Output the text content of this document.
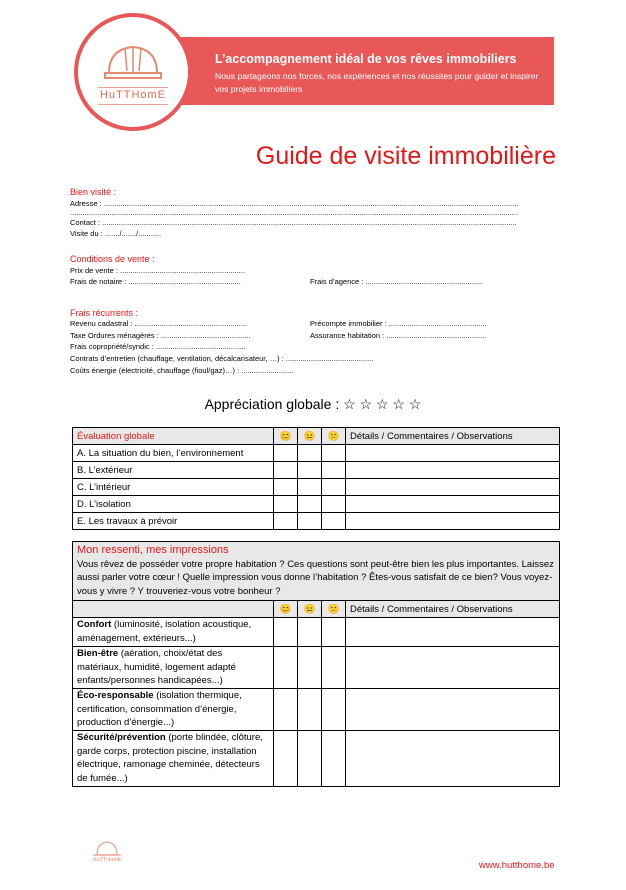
HuTTHomE
L’accompagnement idéal de vos rêves immobiliers
Nous partageons nos forces, nos expériences et nos réussites pour guider et inspirer vos projets immobiliers
Guide de visite immobilière
Bien visité :
Adresse : .......................................................................................................................................................................................................
.......................................................................................................................................................................................................................
Contact : .......................................................................................................................................................................................................
Visite du : ......./......./...........
Conditions de vente :
Prix de vente : ............................................................
Frais de notaire : ......................................................	Frais d’agence : ........................................................
Frais récurrents :
Revenu cadastral : ......................................................	Précompte immobilier : ...............................................
Taxe Ordures ménagères : ...........................................	Assurance habitation : ................................................
Frais copropriété/syndic : ...........................................
Contrats d’entretien (chauffage, ventilation, décalcarisateur, …) : ..........................................
Coûts énergie (électricité, chauffage (fioul/gaz)…) : .........................
Appréciation globale : ☆ ☆ ☆ ☆ ☆
Évaluation globale	😊	😐	😕	Détails / Commentaires / Observations
A. La situation du bien, l’environnement				
B. L’extérieur				
C. L’intérieur				
D. L’isolation				
E. Les travaux à prévoir				
Mon ressenti, mes impressions
Vous rêvez de posséder votre propre habitation ? Ces questions sont peut-être bien les plus importantes. Laissez aussi parler votre cœur ! Quelle impression vous donne l’habitation ? Êtes-vous satisfait de ce bien? Vous voyez-vous y vivre ? Y trouveriez-vous votre bonheur ?				

	😊	😐	😕	Détails / Commentaires / Observations
Confort (luminosité, isolation acoustique, aménagement, extérieurs...)				
Bien-être (aération, choix/état des matériaux, humidité, logement adapté enfants/personnes handicapées...)				
Éco-responsable (isolation thermique, certification, consommation d’énergie, production d’énergie...)				
Sécurité/prévention (porte blindée, clôture, garde corps, protection piscine, installation électrique, ramonage cheminée, détecteurs de fumée...)				
HuTTHomE	www.hutthome.be
